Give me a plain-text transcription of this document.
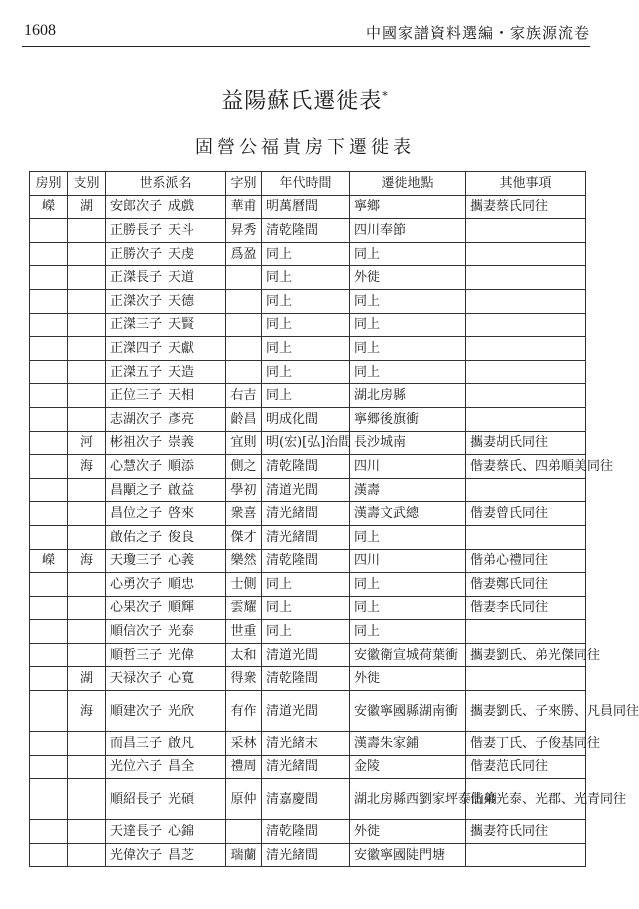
1608	中國家譜資料選編・家族源流卷
益陽蘇氏遷徙表*
固營公福貴房下遷徙表
房别	支别	世系派名	字别	年代時間	遷徙地點	其他事項
嶸	湖	安郎次子 成戲	華甫	明萬曆間	寧鄉	攜妻蔡氏同往
		正勝長子 天斗	昇秀	清乾隆間	四川奉節	
		正勝次子 天虔	爲盈	同上	同上	
		正滐長子 天道		同上	外徙	
		正滐次子 天德		同上	同上	
		正滐三子 天賢		同上	同上	
		正滐四子 天獻		同上	同上	
		正滐五子 天造		同上	同上	
		正位三子 天相	右吉	同上	湖北房縣	
		志湖次子 彥亮	齡昌	明成化間	寧郷後旗衝	
	河	彬祖次子 崇義	宜則	明(宏)[弘]治間	長沙城南	攜妻胡氏同往
	海	心慧次子 順添	側之	清乾隆間	四川	偕妻蔡氏、四弟順美同往
		昌顒之子 啟益	學初	清道光間	漢壽	
		昌位之子 啓來	衆喜	清光緒間	漢壽文武總	偕妻曾氏同往
		啟佑之子 俊良	傑才	清光緒間	同上	
嶸	海	天瓊三子 心義	樂然	清乾隆間	四川	偕弟心禮同往
		心勇次子 順忠	士側	同上	同上	偕妻鄭氏同往
		心果次子 順輝	雲耀	同上	同上	偕妻李氏同往
		順信次子 光泰	世重	同上	同上	
		順哲三子 光偉	太和	清道光間	安徽衛宣城荷葉衝	攜妻劉氏、弟光傑同往
	湖	天禄次子 心寬	得衆	清乾隆間	外徙	
	海	順建次子 光欣	有作	清道光間	安徽寧國縣湖南衝	攜妻劉氏、子來勝、凡員同往
		而昌三子 啟凡	采林	清光緒末	漢壽朱家鋪	偕妻丁氏、子俊基同往
		光位六子 昌全	禮周	清光緒間	金陵	偕妻范氏同往
		順紹長子 光碩	原仲	清嘉慶間	湖北房縣西劉家坪泰山廟	偕弟光泰、光郡、光青同往
		天達長子 心錦		清乾隆間	外徙	攜妻符氏同往
		光偉次子 昌芝	瑞蘭	清光緒間	安徽寧國陡門塘	
